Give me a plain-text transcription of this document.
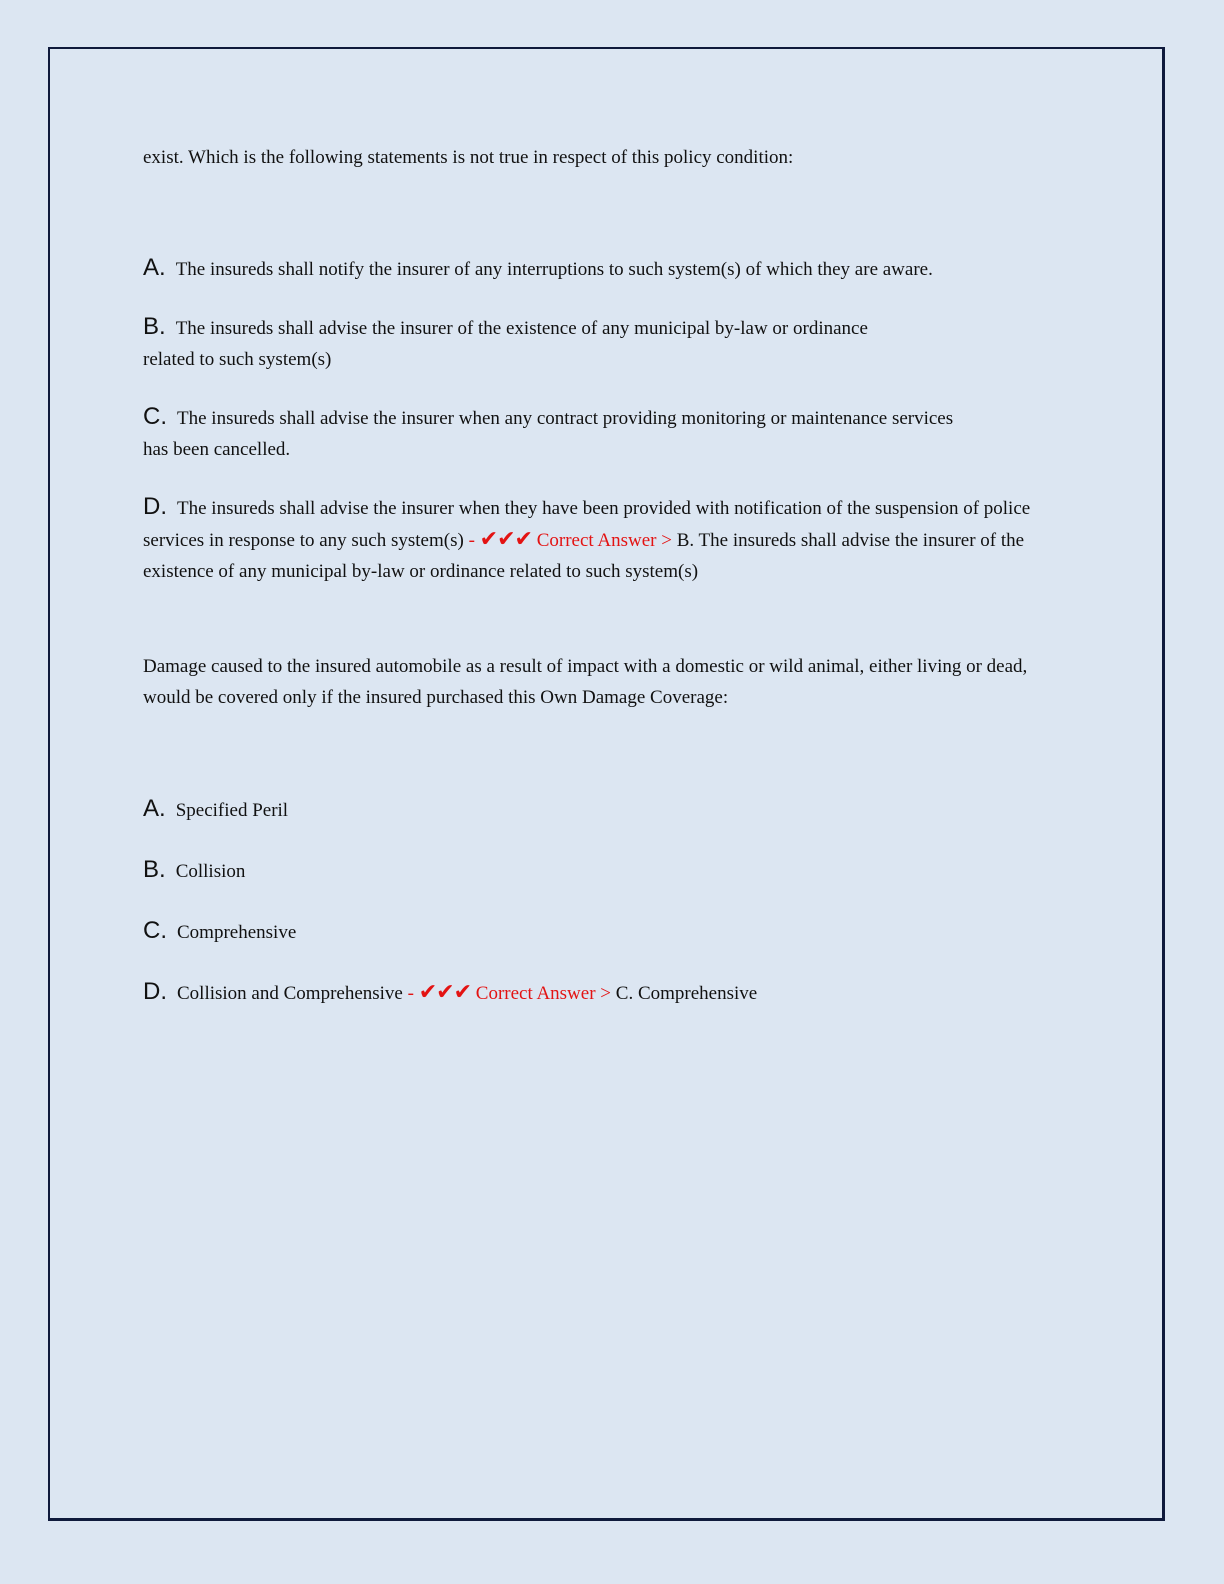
exist. Which is the following statements is not true in respect of this policy condition:

A. The insureds shall notify the insurer of any interruptions to such system(s) of which they are aware.

B. The insureds shall advise the insurer of the existence of any municipal by-law or ordinance
related to such system(s)

C. The insureds shall advise the insurer when any contract providing monitoring or maintenance services
has been cancelled.

D. The insureds shall advise the insurer when they have been provided with notification of the suspension of police services in response to any such system(s) - ✔✔✔ Correct Answer > B. The insureds shall advise the insurer of the existence of any municipal by-law or ordinance related to such system(s)

Damage caused to the insured automobile as a result of impact with a domestic or wild animal, either living or dead, would be covered only if the insured purchased this Own Damage Coverage:

A. Specified Peril

B. Collision

C. Comprehensive

D. Collision and Comprehensive - ✔✔✔ Correct Answer > C. Comprehensive
